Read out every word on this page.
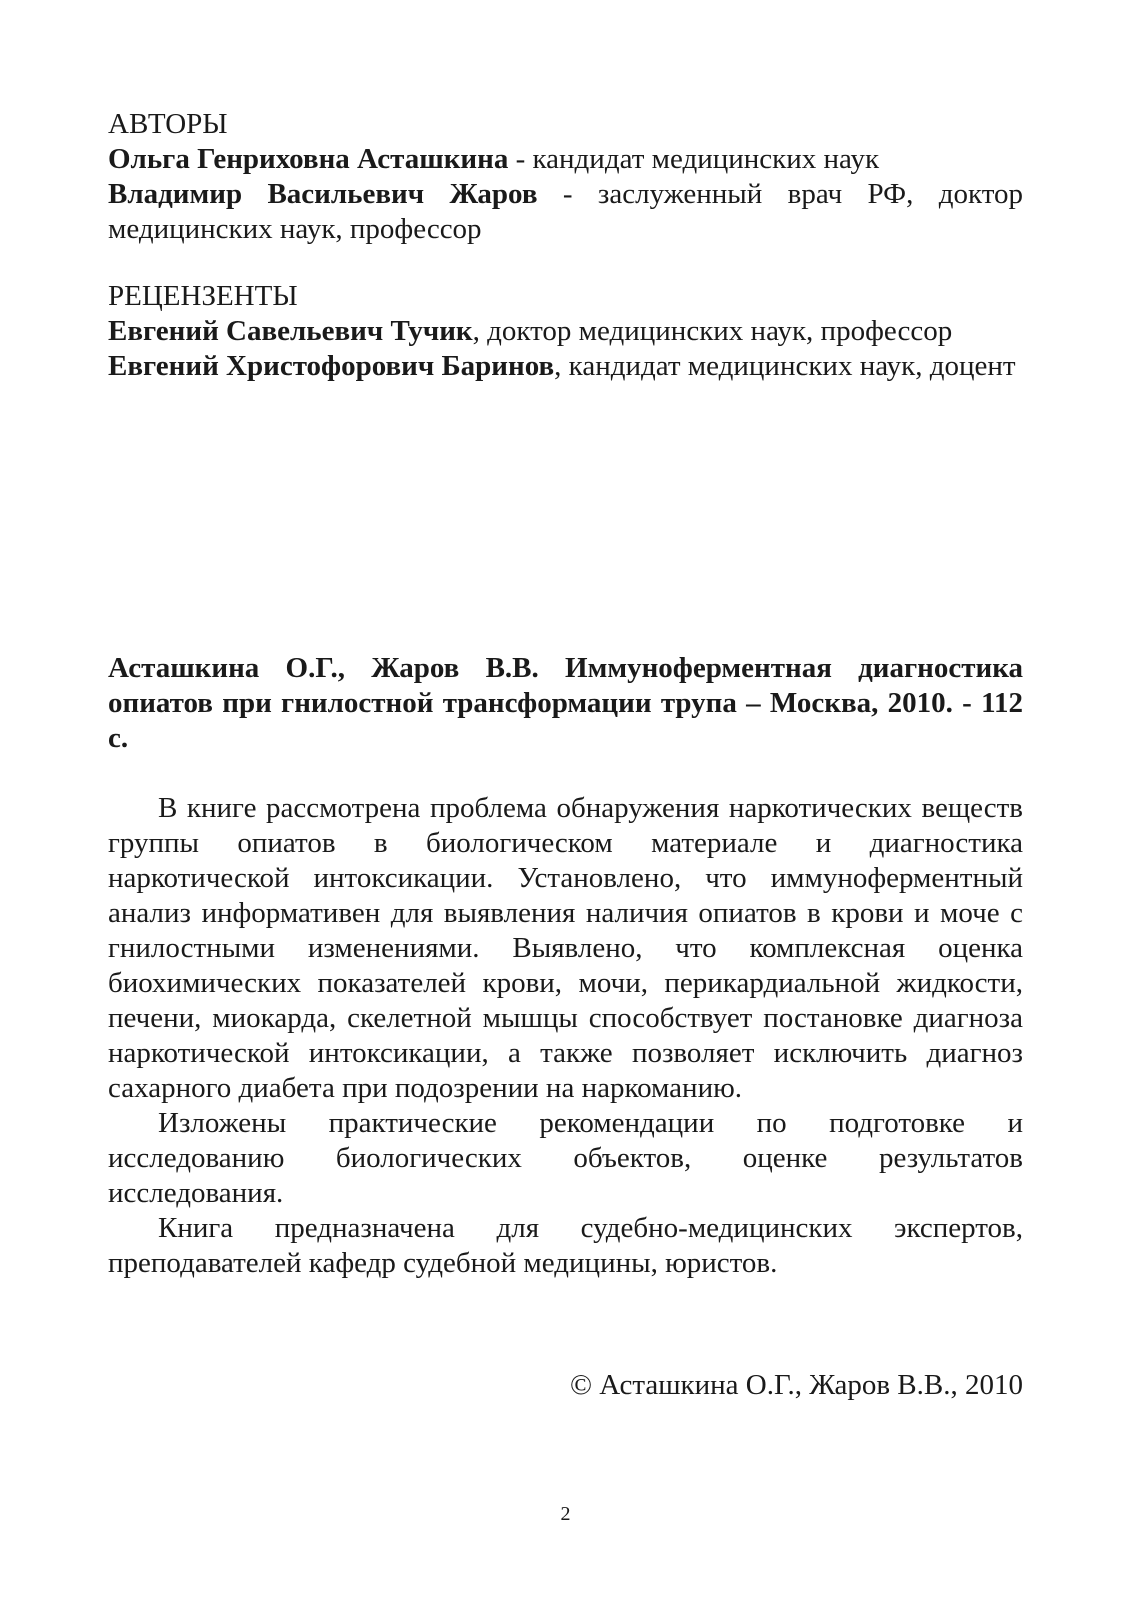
АВТОРЫ

Ольга Генриховна Асташкина - кандидат медицинских наук

Владимир Васильевич Жаров - заслуженный врач РФ, доктор медицинских наук, профессор

РЕЦЕНЗЕНТЫ

Евгений Савельевич Тучик, доктор медицинских наук, профессор

Евгений Христофорович Баринов, кандидат медицинских наук, доцент

Асташкина О.Г., Жаров В.В. Иммуноферментная диагностика опиатов при гнилостной трансформации трупа – Москва, 2010. - 112 с.

В книге рассмотрена проблема обнаружения наркотических веществ группы опиатов в биологическом материале и диагностика наркотической интоксикации. Установлено, что иммуноферментный анализ информативен для выявления наличия опиатов в крови и моче с гнилостными изменениями. Выявлено, что комплексная оценка биохимических показателей крови, мочи, перикардиальной жидкости, печени, миокарда, скелетной мышцы способствует постановке диагноза наркотической интоксикации, а также позволяет исключить диагноз сахарного диабета при подозрении на наркоманию.

Изложены практические рекомендации по подготовке и исследованию биологических объектов, оценке результатов исследования.

Книга предназначена для судебно-медицинских экспертов, преподавателей кафедр судебной медицины, юристов.

© Асташкина О.Г., Жаров В.В., 2010

2
